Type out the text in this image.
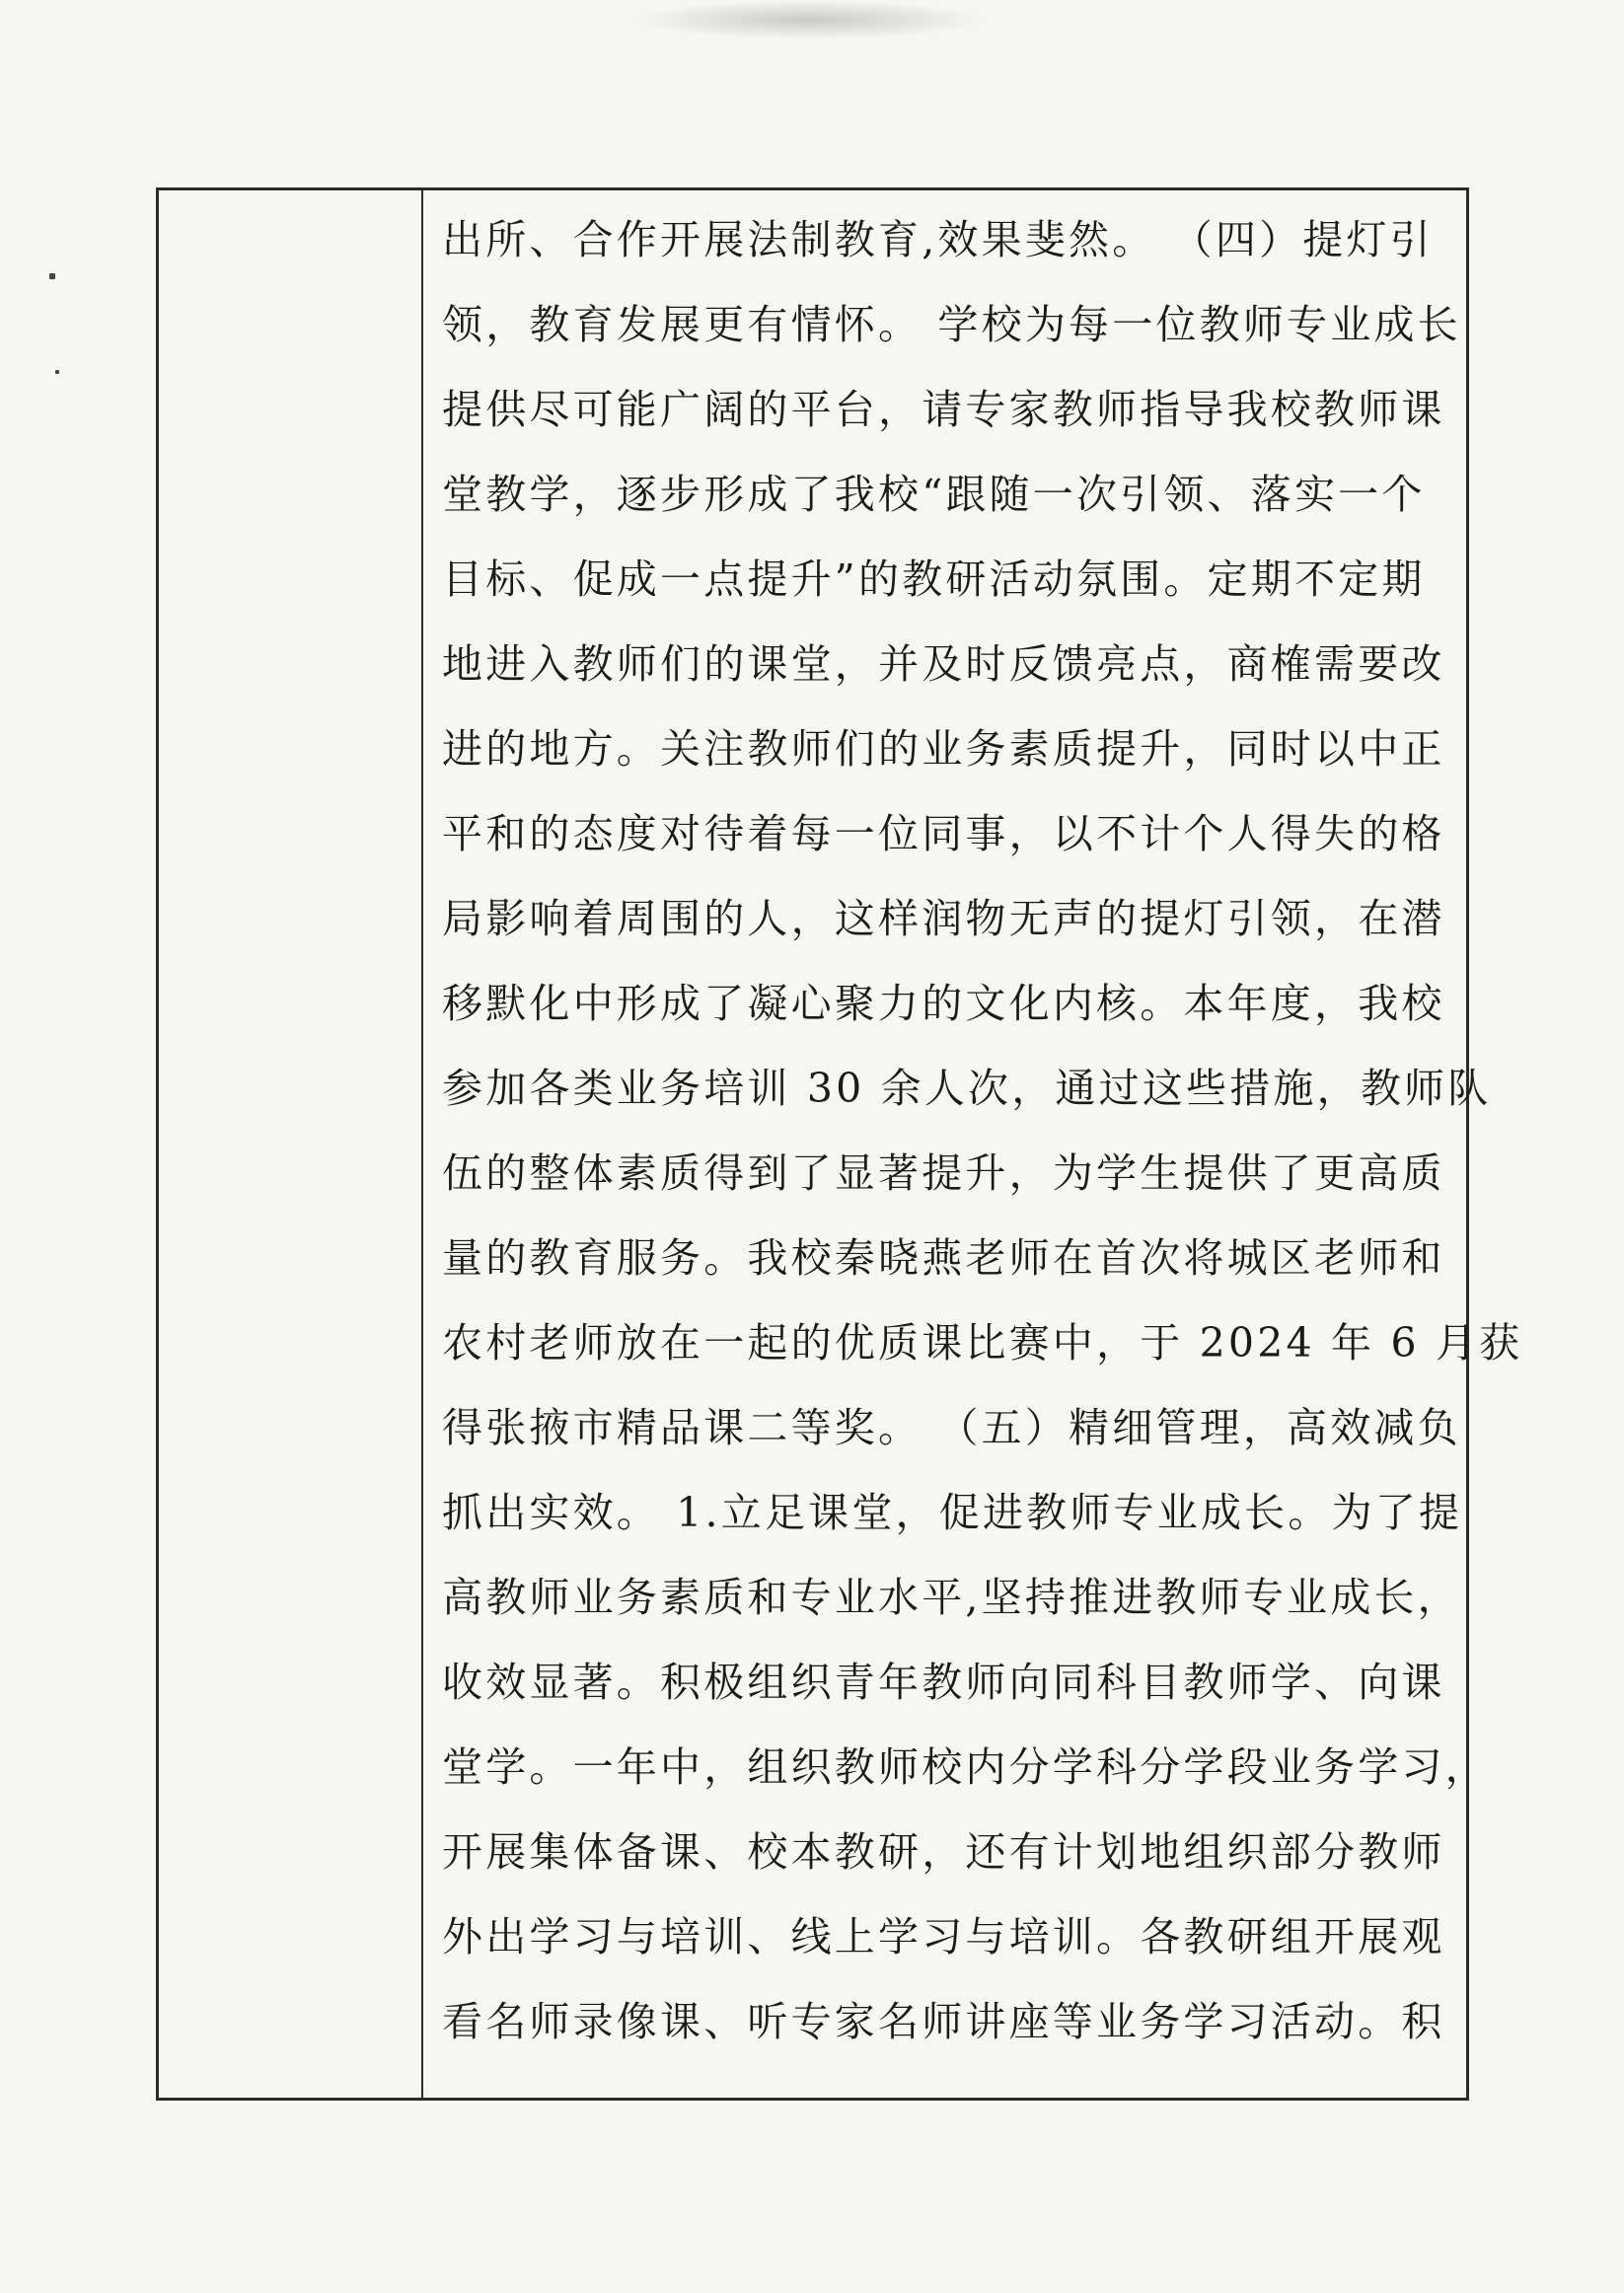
出所、合作开展法制教育,效果斐然。 （四）提灯引
领，教育发展更有情怀。 学校为每一位教师专业成长
提供尽可能广阔的平台，请专家教师指导我校教师课
堂教学，逐步形成了我校“跟随一次引领、落实一个
目标、促成一点提升”的教研活动氛围。定期不定期
地进入教师们的课堂，并及时反馈亮点，商榷需要改
进的地方。关注教师们的业务素质提升，同时以中正
平和的态度对待着每一位同事，以不计个人得失的格
局影响着周围的人，这样润物无声的提灯引领，在潜
移默化中形成了凝心聚力的文化内核。本年度，我校
参加各类业务培训 30 余人次，通过这些措施，教师队
伍的整体素质得到了显著提升，为学生提供了更高质
量的教育服务。我校秦晓燕老师在首次将城区老师和
农村老师放在一起的优质课比赛中，于 2024 年 6 月获
得张掖市精品课二等奖。 （五）精细管理，高效减负
抓出实效。 1.立足课堂，促进教师专业成长。为了提
高教师业务素质和专业水平,坚持推进教师专业成长，
收效显著。积极组织青年教师向同科目教师学、向课
堂学。一年中，组织教师校内分学科分学段业务学习，
开展集体备课、校本教研，还有计划地组织部分教师
外出学习与培训、线上学习与培训。各教研组开展观
看名师录像课、听专家名师讲座等业务学习活动。积
